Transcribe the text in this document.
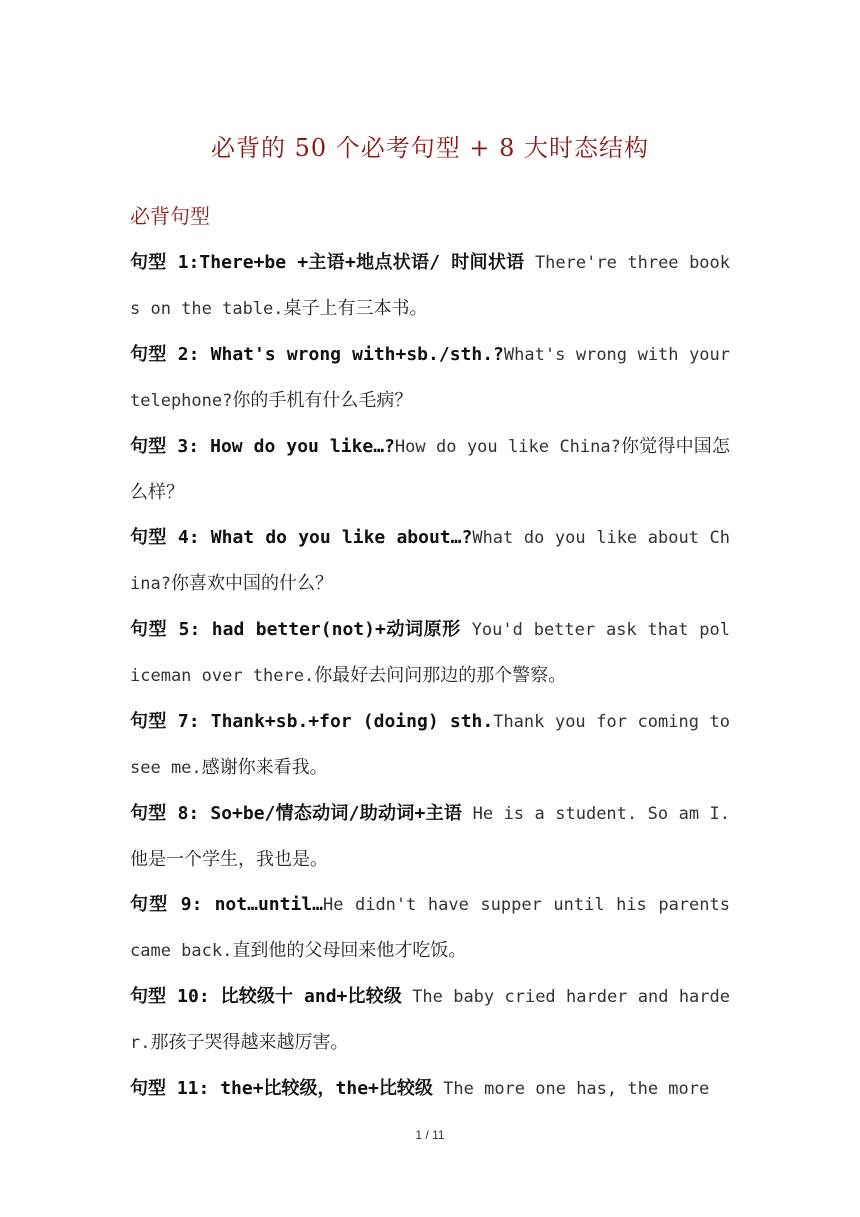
必背的 50 个必考句型 + 8 大时态结构
必背句型

句型 1:There+be +主语+地点状语/ 时间状语 There're three books on the table.桌子上有三本书。

句型 2: What's wrong with+sb./sth.?What's wrong with your telephone?你的手机有什么毛病？

句型 3: How do you like…?How do you like China?你觉得中国怎么样？

句型 4: What do you like about…?What do you like about China?你喜欢中国的什么？

句型 5: had better(not)+动词原形 You'd better ask that policeman over there.你最好去问问那边的那个警察。

句型 7: Thank+sb.+for (doing) sth.Thank you for coming to see me.感谢你来看我。

句型 8: So+be/情态动词/助动词+主语 He is a student. So am I.他是一个学生，我也是。

句型 9: not…until…He didn't have supper until his parents came back.直到他的父母回来他才吃饭。

句型 10: 比较级十 and+比较级 The baby cried harder and harder.那孩子哭得越来越厉害。

句型 11: the+比较级，the+比较级 The more one has, the more

1 / 11
